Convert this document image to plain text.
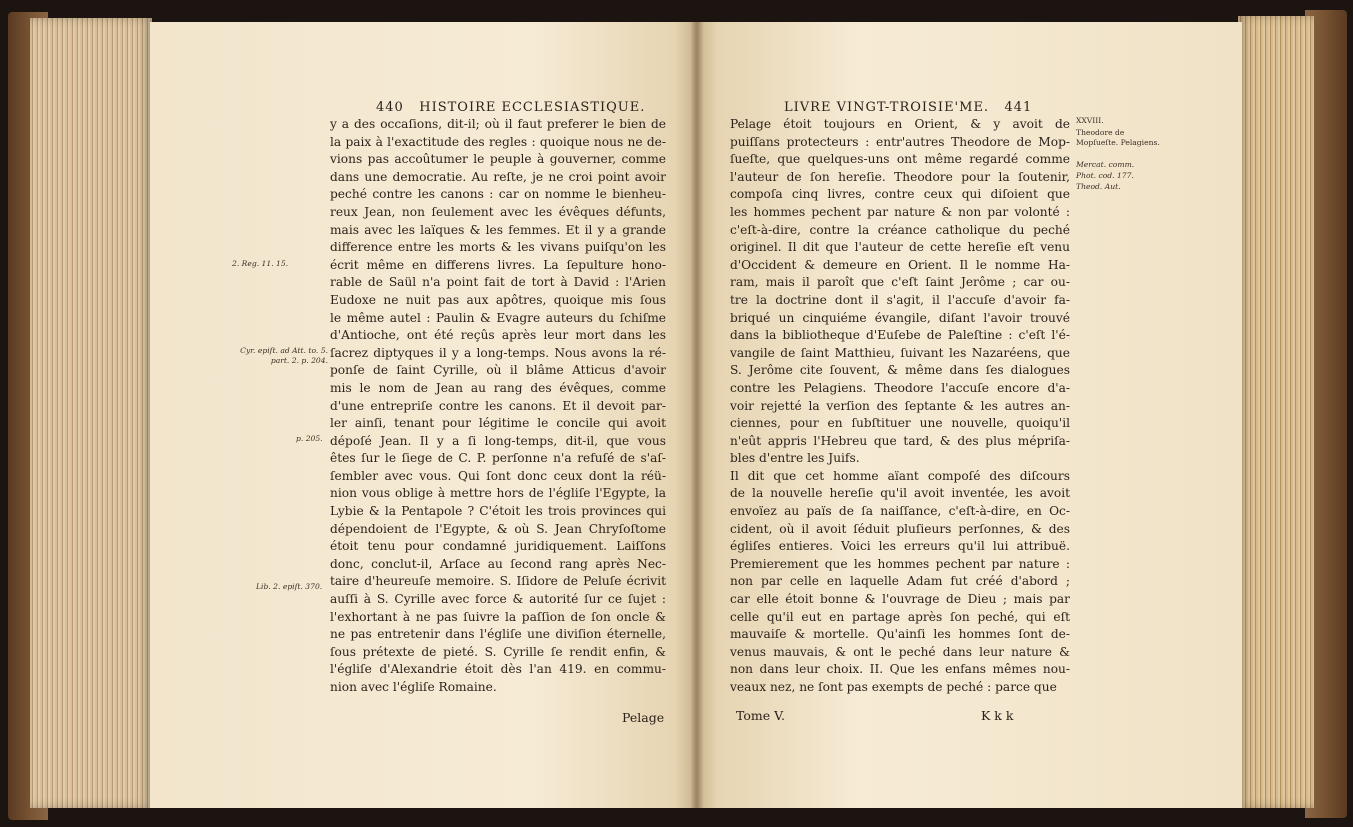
440 HISTOIRE ECCLESIASTIQUE.
y a des occaſions, dit-il; où il faut preferer le bien de
la paix à l'exactitude des regles : quoique nous ne de-
vions pas accoûtumer le peuple à gouverner, comme
dans une democratie. Au reſte, je ne croi point avoir
peché contre les canons : car on nomme le bienheu-
reux Jean, non ſeulement avec les évêques défunts,
mais avec les laïques & les femmes. Et il y a grande
difference entre les morts & les vivans puiſqu'on les
écrit même en differens livres. La ſepulture hono-
rable de Saül n'a point fait de tort à David : l'Arien
Eudoxe ne nuit pas aux apôtres, quoique mis ſous
le même autel : Paulin & Evagre auteurs du ſchiſme
d'Antioche, ont été reçûs après leur mort dans les
ſacrez diptyques il y a long-temps. Nous avons la ré-
ponſe de ſaint Cyrille, où il blâme Atticus d'avoir
mis le nom de Jean au rang des évêques, comme
d'une entrepriſe contre les canons. Et il devoit par-
ler ainſi, tenant pour légitime le concile qui avoit
dépoſé Jean. Il y a ſi long-temps, dit-il, que vous
êtes ſur le ſiege de C. P. perſonne n'a refuſé de s'aſ-
ſembler avec vous. Qui ſont donc ceux dont la réü-
nion vous oblige à mettre hors de l'égliſe l'Egypte, la
Lybie & la Pentapole ? C'étoit les trois provinces qui
dépendoient de l'Egypte, & où S. Jean Chryſoſtome
étoit tenu pour condamné juridiquement. Laiſſons
donc, conclut-il, Arſace au ſecond rang après Nec-
taire d'heureuſe memoire. S. Iſidore de Peluſe écrivit
auſſi à S. Cyrille avec force & autorité ſur ce ſujet :
l'exhortant à ne pas ſuivre la paſſion de ſon oncle &
ne pas entretenir dans l'égliſe une diviſion éternelle,
ſous prétexte de pieté. S. Cyrille ſe rendit enfin, &
l'égliſe d'Alexandrie étoit dès l'an 419. en commu-
nion avec l'égliſe Romaine.
2. Reg. 11. 15.
Cyr. epiſt. ad Att. to. 5. part. 2. p. 204.
p. 205.
Lib. 2. epiſt. 370.
Pelage
LIVRE VINGT-TROISIE'ME. 441
Pelage étoit toujours en Orient, & y avoit de
puiſſans protecteurs : entr'autres Theodore de Mop-
ſueſte, que quelques-uns ont même regardé comme
l'auteur de ſon hereſie. Theodore pour la ſoutenir,
compoſa cinq livres, contre ceux qui diſoient que
les hommes pechent par nature & non par volonté :
c'eſt-à-dire, contre la créance catholique du peché
originel. Il dit que l'auteur de cette hereſie eſt venu
d'Occident & demeure en Orient. Il le nomme Ha-
ram, mais il paroît que c'eſt ſaint Jerôme ; car ou-
tre la doctrine dont il s'agit, il l'accuſe d'avoir fa-
briqué un cinquiéme évangile, diſant l'avoir trouvé
dans la bibliotheque d'Euſebe de Paleſtine : c'eſt l'é-
vangile de ſaint Matthieu, ſuivant les Nazaréens, que
S. Jerôme cite ſouvent, & même dans ſes dialogues
contre les Pelagiens. Theodore l'accuſe encore d'a-
voir rejetté la verſion des ſeptante & les autres an-
ciennes, pour en ſubſtituer une nouvelle, quoiqu'il
n'eût appris l'Hebreu que tard, & des plus mépriſa-
bles d'entre les Juifs.
Il dit que cet homme aïant compoſé des diſcours
de la nouvelle hereſie qu'il avoit inventée, les avoit
envoïez au païs de ſa naiſſance, c'eſt-à-dire, en Oc-
cident, où il avoit ſéduit pluſieurs perſonnes, & des
égliſes entieres. Voici les erreurs qu'il lui attribuë.
Premierement que les hommes pechent par nature :
non par celle en laquelle Adam fut créé d'abord ;
car elle étoit bonne & l'ouvrage de Dieu ; mais par
celle qu'il eut en partage après ſon peché, qui eſt
mauvaiſe & mortelle. Qu'ainſi les hommes ſont de-
venus mauvais, & ont le peché dans leur nature &
non dans leur choix. II. Que les enfans mêmes nou-
veaux nez, ne ſont pas exempts de peché : parce que
XXVIII.
Theodore de Mopſueſte. Pelagiens.
Mercat. comm.
Phot. cod. 177.
Theod. Aut.
Tome V.	K k k
